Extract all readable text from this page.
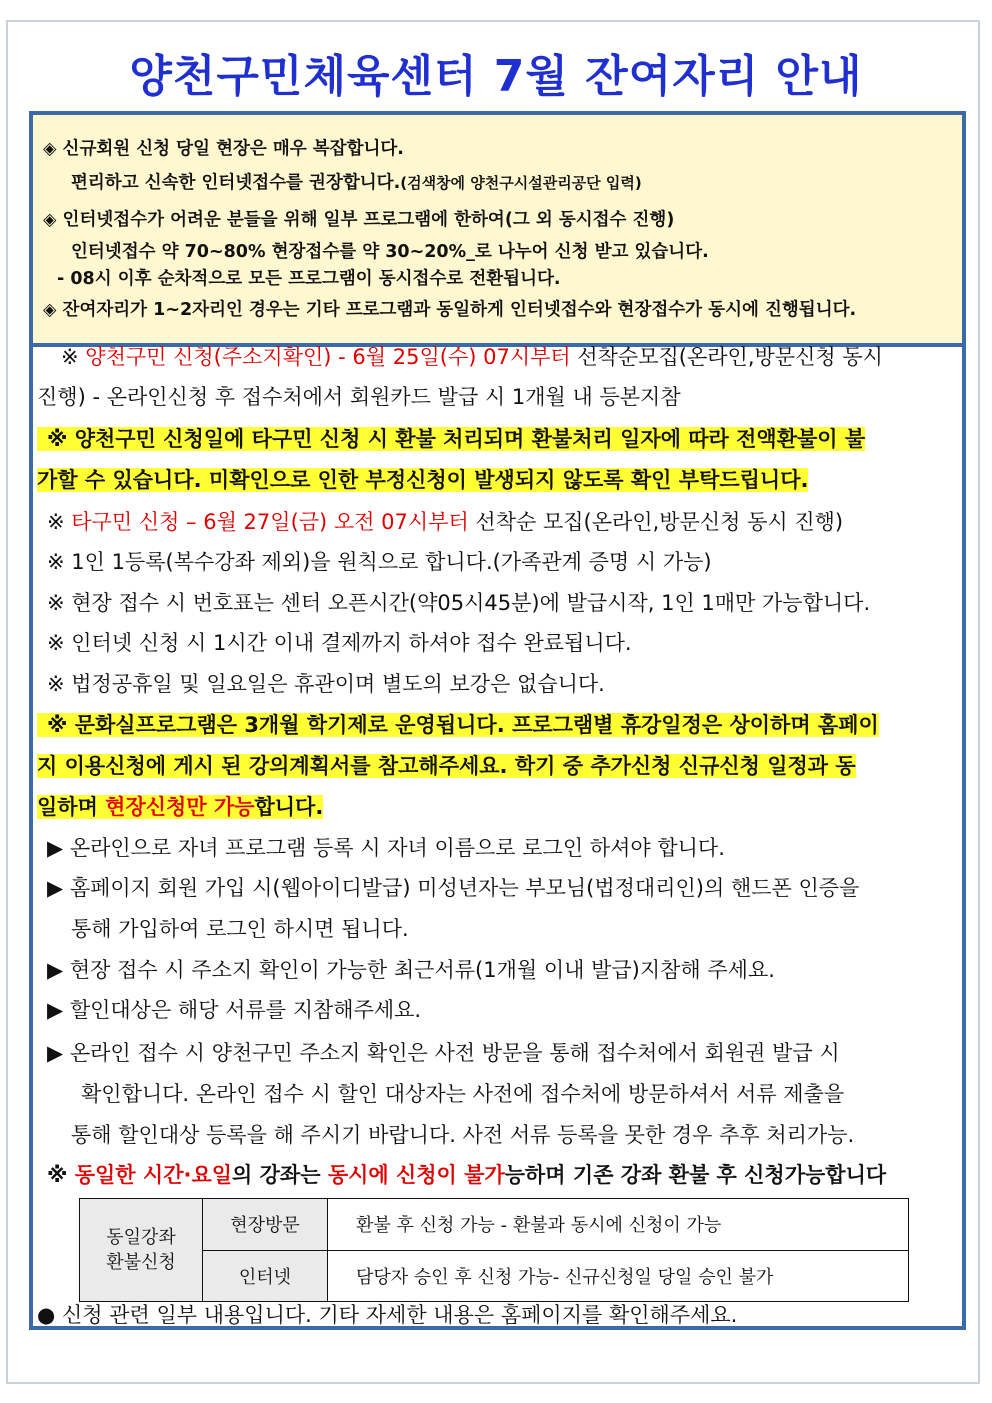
양천구민체육센터 7월 잔여자리 안내
◈ 신규회원 신청 당일 현장은 매우 복잡합니다.
편리하고 신속한 인터넷접수를 권장합니다.(검색창에 양천구시설관리공단 입력)
◈ 인터넷접수가 어려운 분들을 위해 일부 프로그램에 한하여(그 외 동시접수 진행)
인터넷접수 약 70~80% 현장접수를 약 30~20%_로 나누어 신청 받고 있습니다.
- 08시 이후 순차적으로 모든 프로그램이 동시접수로 전환됩니다.
◈ 잔여자리가 1~2자리인 경우는 기타 프로그램과 동일하게 인터넷접수와 현장접수가 동시에 진행됩니다.
※ 양천구민 신청(주소지확인) - 6월 25일(수) 07시부터 선착순모집(온라인,방문신청 동시
진행) - 온라인신청 후 접수처에서 회원카드 발급 시 1개월 내 등본지참
※ 양천구민 신청일에 타구민 신청 시 환불 처리되며 환불처리 일자에 따라 전액환불이 불
가할 수 있습니다. 미확인으로 인한 부정신청이 발생되지 않도록 확인 부탁드립니다.
※ 타구민 신청 – 6월 27일(금) 오전 07시부터 선착순 모집(온라인,방문신청 동시 진행)
※ 1인 1등록(복수강좌 제외)을 원칙으로 합니다.(가족관계 증명 시 가능)
※ 현장 접수 시 번호표는 센터 오픈시간(약05시45분)에 발급시작, 1인 1매만 가능합니다.
※ 인터넷 신청 시 1시간 이내 결제까지 하셔야 접수 완료됩니다.
※ 법정공휴일 및 일요일은 휴관이며 별도의 보강은 없습니다.
※ 문화실프로그램은 3개월 학기제로 운영됩니다. 프로그램별 휴강일정은 상이하며 홈페이
지 이용신청에 게시 된 강의계획서를 참고해주세요. 학기 중 추가신청 신규신청 일정과 동
일하며 현장신청만 가능합니다.
▶ 온라인으로 자녀 프로그램 등록 시 자녀 이름으로 로그인 하셔야 합니다.
▶ 홈페이지 회원 가입 시(웹아이디발급) 미성년자는 부모님(법정대리인)의 핸드폰 인증을
통해 가입하여 로그인 하시면 됩니다.
▶ 현장 접수 시 주소지 확인이 가능한 최근서류(1개월 이내 발급)지참해 주세요.
▶ 할인대상은 해당 서류를 지참해주세요.
▶ 온라인 접수 시 양천구민 주소지 확인은 사전 방문을 통해 접수처에서 회원권 발급 시
확인합니다. 온라인 접수 시 할인 대상자는 사전에 접수처에 방문하셔서 서류 제출을
통해 할인대상 등록을 해 주시기 바랍니다. 사전 서류 등록을 못한 경우 추후 처리가능.
※ 동일한 시간·요일의 강좌는 동시에 신청이 불가능하며 기존 강좌 환불 후 신청가능합니다
동일강좌
환불신청	현장방문	환불 후 신청 가능 - 환불과 동시에 신청이 가능
	인터넷	담당자 승인 후 신청 가능- 신규신청일 당일 승인 불가
● 신청 관련 일부 내용입니다. 기타 자세한 내용은 홈페이지를 확인해주세요.
